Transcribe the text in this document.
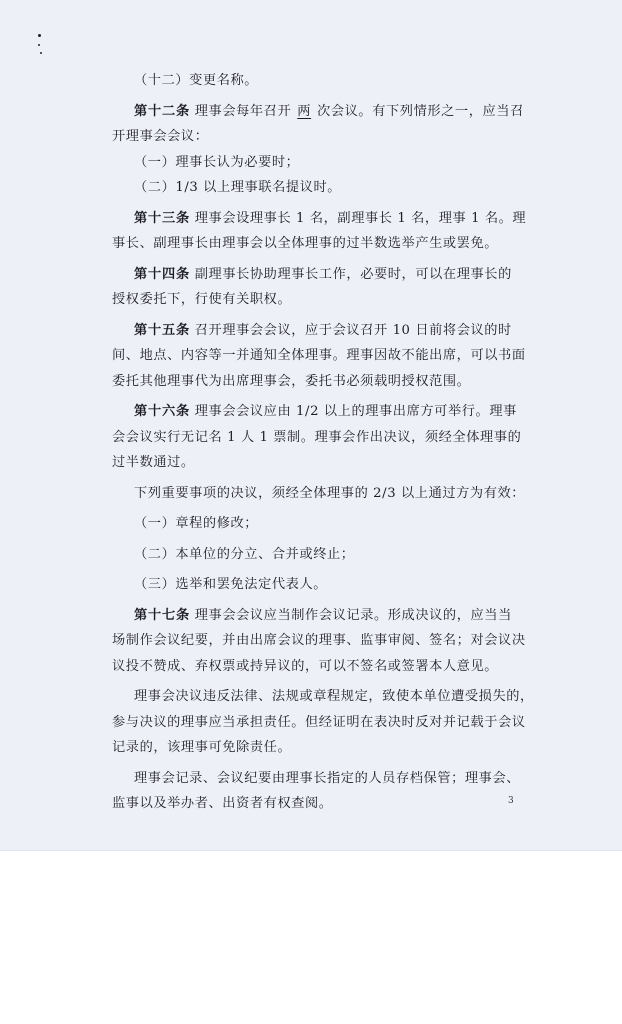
（十二）变更名称。
第十二条 理事会每年召开 两 次会议。有下列情形之一，应当召
开理事会会议：
（一）理事长认为必要时；
（二）1/3 以上理事联名提议时。
第十三条 理事会设理事长 1 名，副理事长 1 名，理事 1 名。理
事长、副理事长由理事会以全体理事的过半数选举产生或罢免。
第十四条 副理事长协助理事长工作，必要时，可以在理事长的
授权委托下，行使有关职权。
第十五条 召开理事会会议，应于会议召开 10 日前将会议的时
间、地点、内容等一并通知全体理事。理事因故不能出席，可以书面
委托其他理事代为出席理事会，委托书必须载明授权范围。
第十六条 理事会会议应由 1/2 以上的理事出席方可举行。理事
会会议实行无记名 1 人 1 票制。理事会作出决议，须经全体理事的
过半数通过。
下列重要事项的决议，须经全体理事的 2/3 以上通过方为有效：
（一）章程的修改；
（二）本单位的分立、合并或终止；
（三）选举和罢免法定代表人。
第十七条 理事会会议应当制作会议记录。形成决议的，应当当
场制作会议纪要，并由出席会议的理事、监事审阅、签名；对会议决
议投不赞成、弃权票或持异议的，可以不签名或签署本人意见。
理事会决议违反法律、法规或章程规定，致使本单位遭受损失的，
参与决议的理事应当承担责任。但经证明在表决时反对并记载于会议
记录的，该理事可免除责任。
理事会记录、会议纪要由理事长指定的人员存档保管；理事会、
监事以及举办者、出资者有权查阅。	3
